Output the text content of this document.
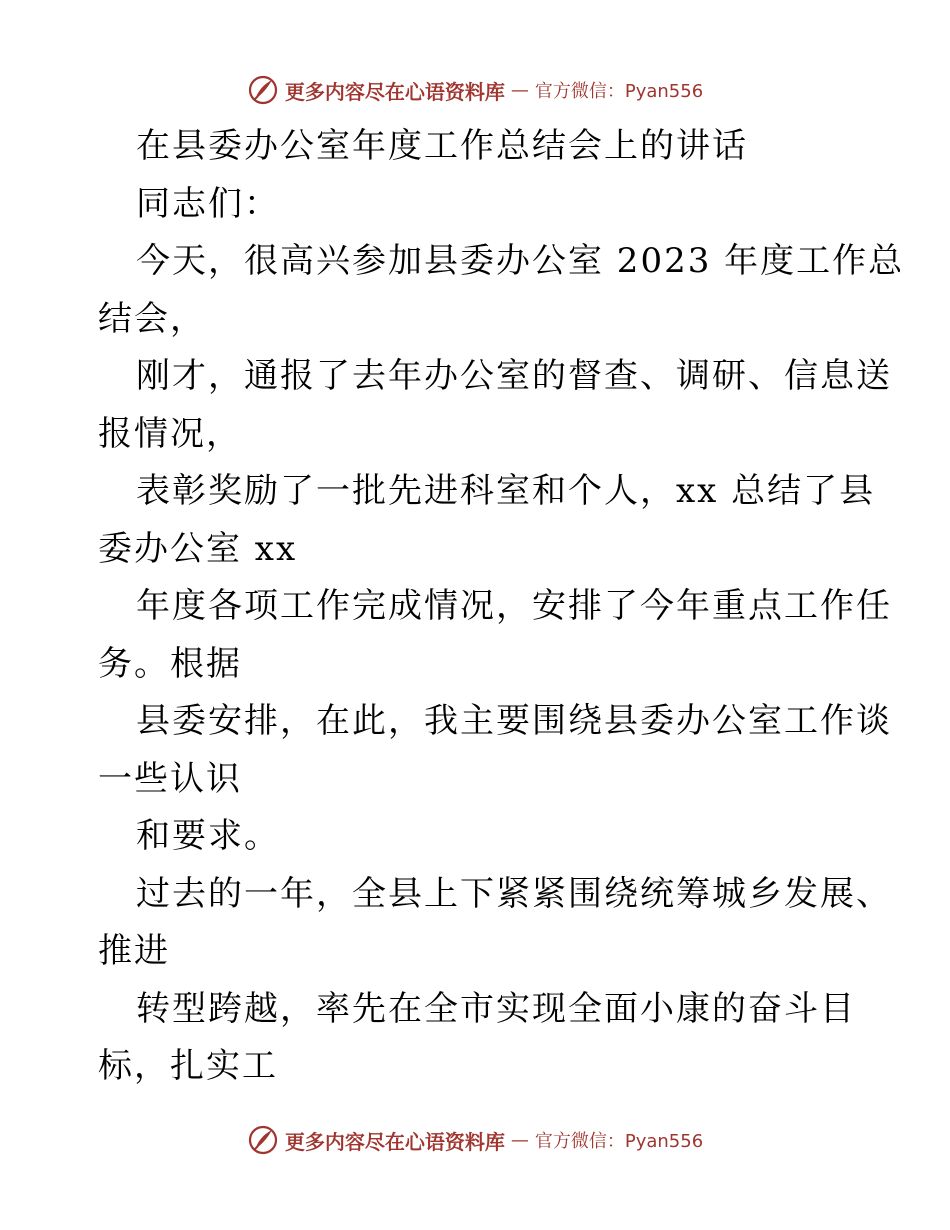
更多内容尽在心语资料库 — 官方微信：Pyan556
在县委办公室年度工作总结会上的讲话
同志们：
今天，很高兴参加县委办公室 2023 年度工作总
结会，
刚才，通报了去年办公室的督查、调研、信息送
报情况，
表彰奖励了一批先进科室和个人，xx 总结了县
委办公室 xx
年度各项工作完成情况，安排了今年重点工作任
务。根据
县委安排，在此，我主要围绕县委办公室工作谈
一些认识
和要求。
过去的一年，全县上下紧紧围绕统筹城乡发展、
推进
转型跨越，率先在全市实现全面小康的奋斗目
标，扎实工
更多内容尽在心语资料库 — 官方微信：Pyan556
